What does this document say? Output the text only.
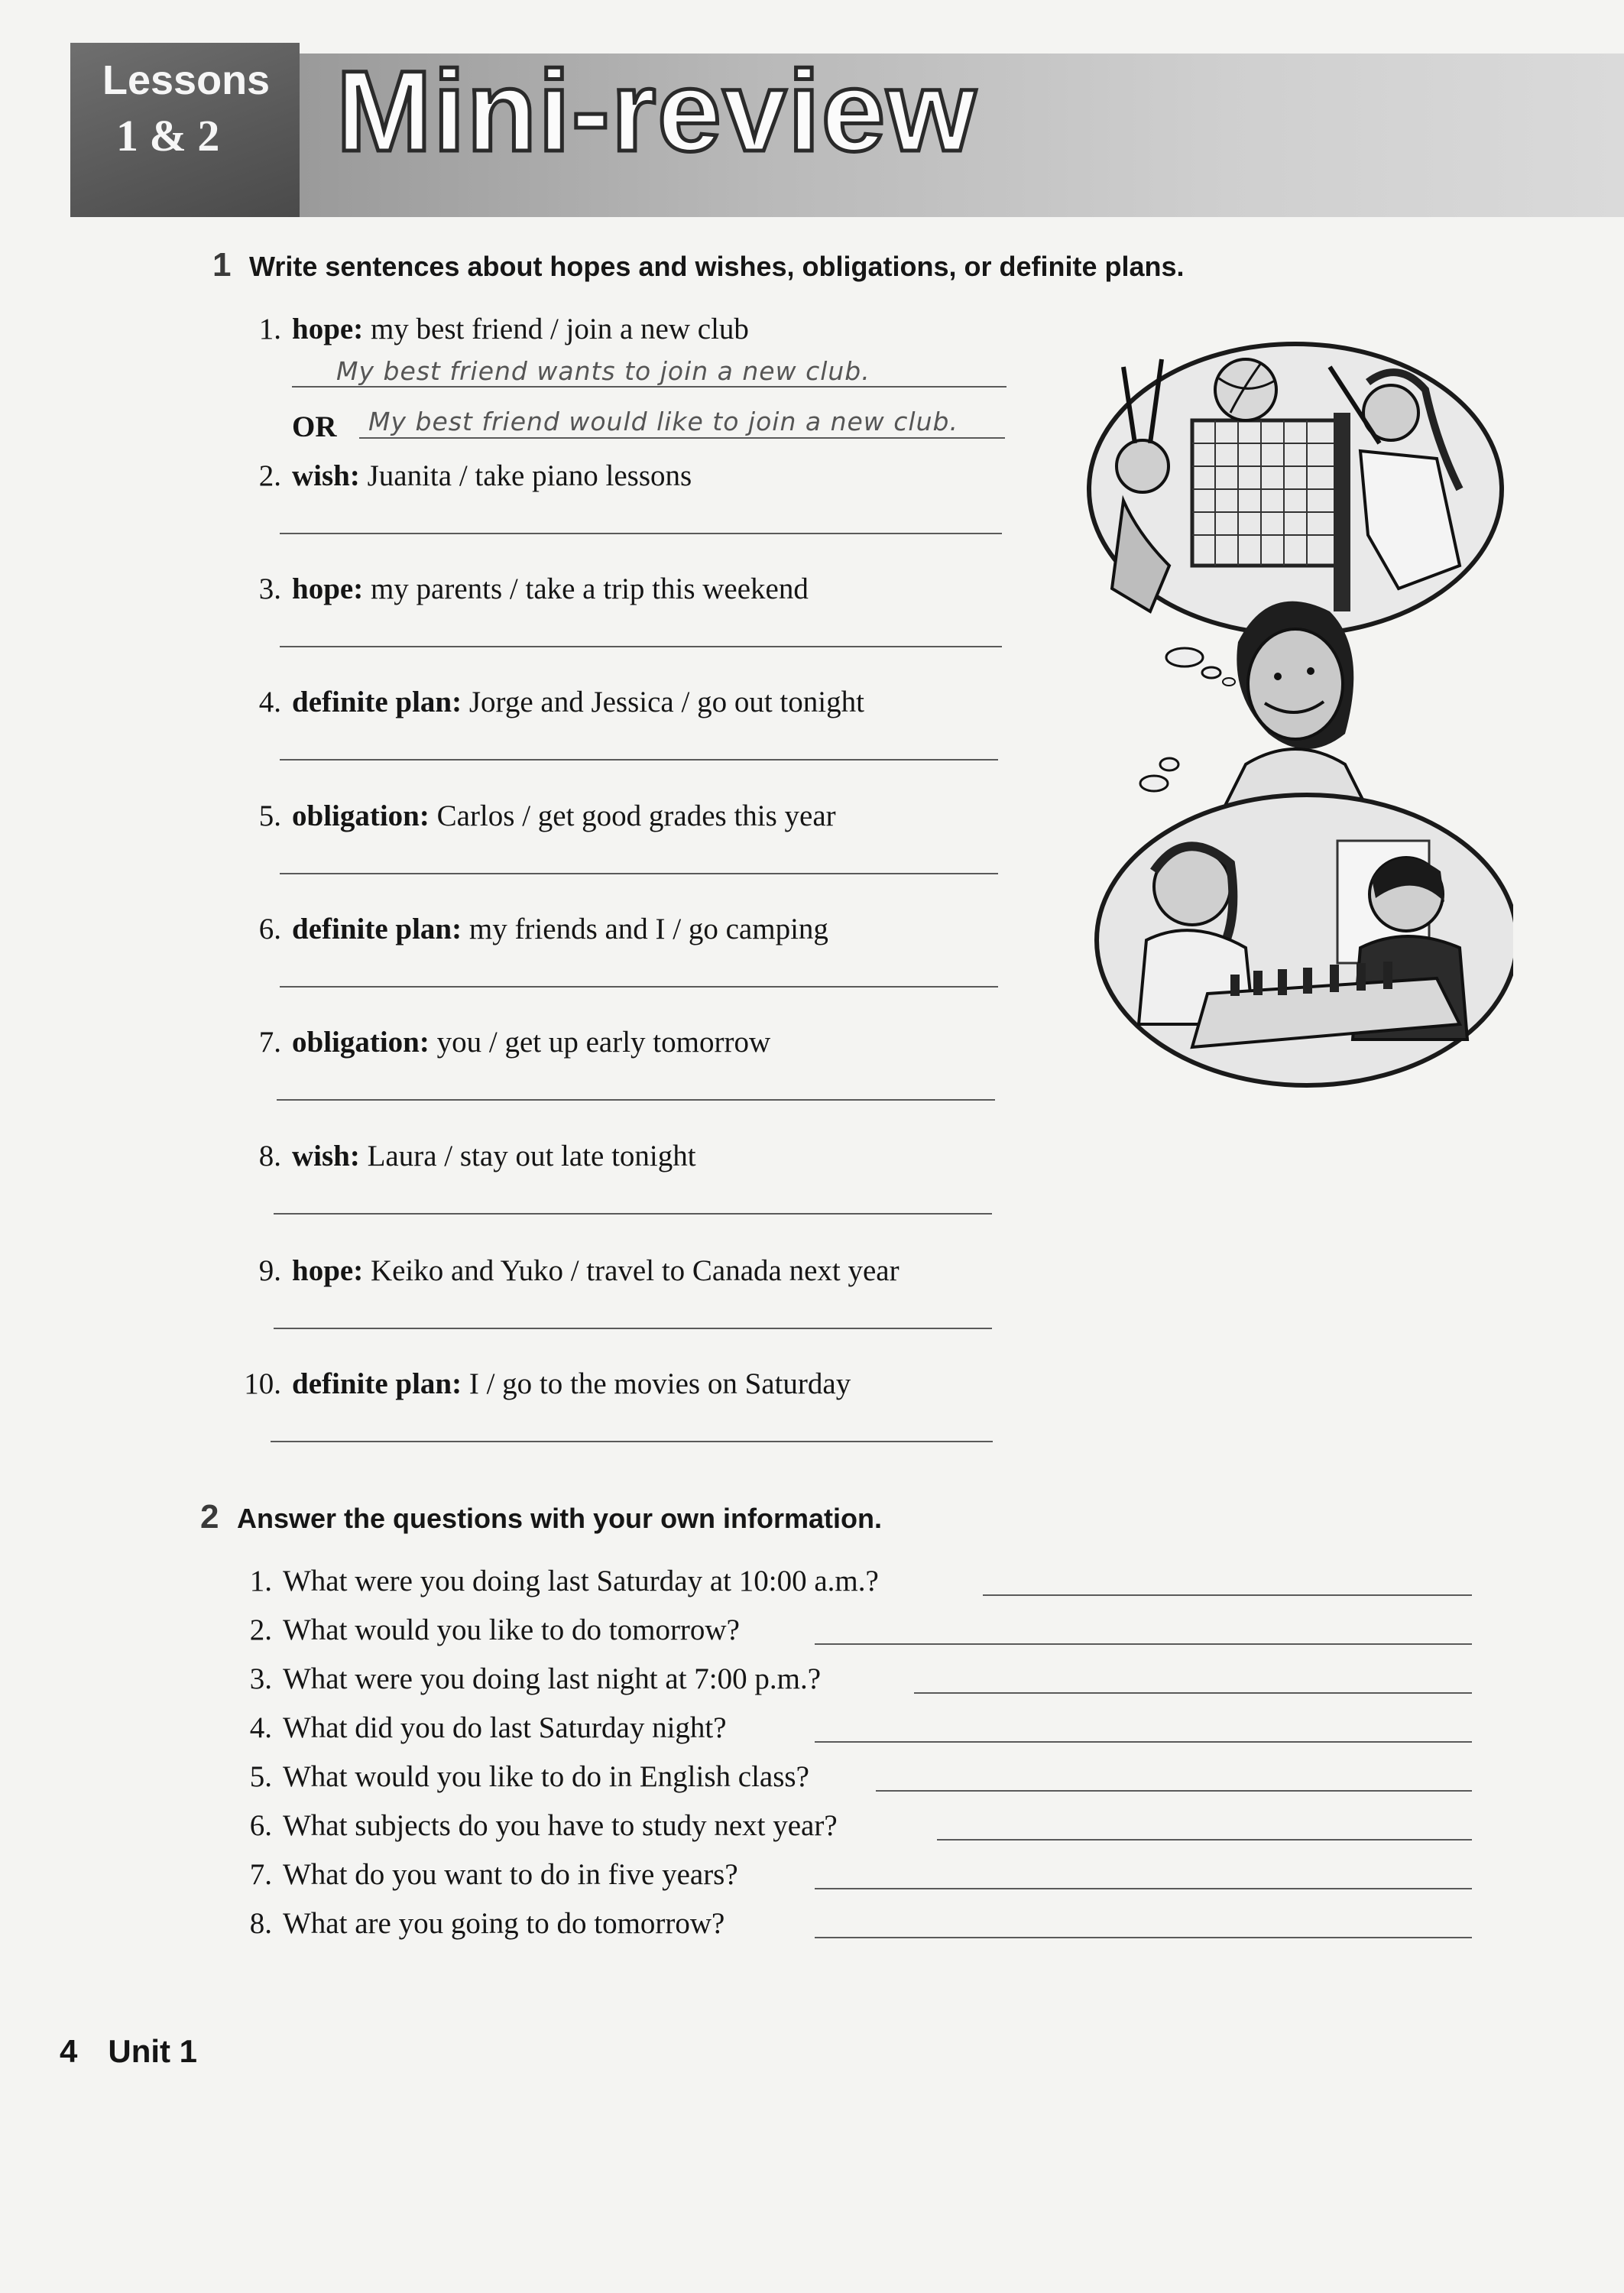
Lessons
1 & 2 Mini-review
1 Write sentences about hopes and wishes, obligations, or definite plans.
1. hope: my best friend / join a new club
My best friend wants to join a new club.
OR My best friend would like to join a new club.
2. wish: Juanita / take piano lessons
3. hope: my parents / take a trip this weekend
4. definite plan: Jorge and Jessica / go out tonight
5. obligation: Carlos / get good grades this year
6. definite plan: my friends and I / go camping
7. obligation: you / get up early tomorrow
8. wish: Laura / stay out late tonight
9. hope: Keiko and Yuko / travel to Canada next year
10. definite plan: I / go to the movies on Saturday
2 Answer the questions with your own information.
1. What were you doing last Saturday at 10:00 a.m.?
2. What would you like to do tomorrow?
3. What were you doing last night at 7:00 p.m.?
4. What did you do last Saturday night?
5. What would you like to do in English class?
6. What subjects do you have to study next year?
7. What do you want to do in five years?
8. What are you going to do tomorrow?
4 Unit 1
